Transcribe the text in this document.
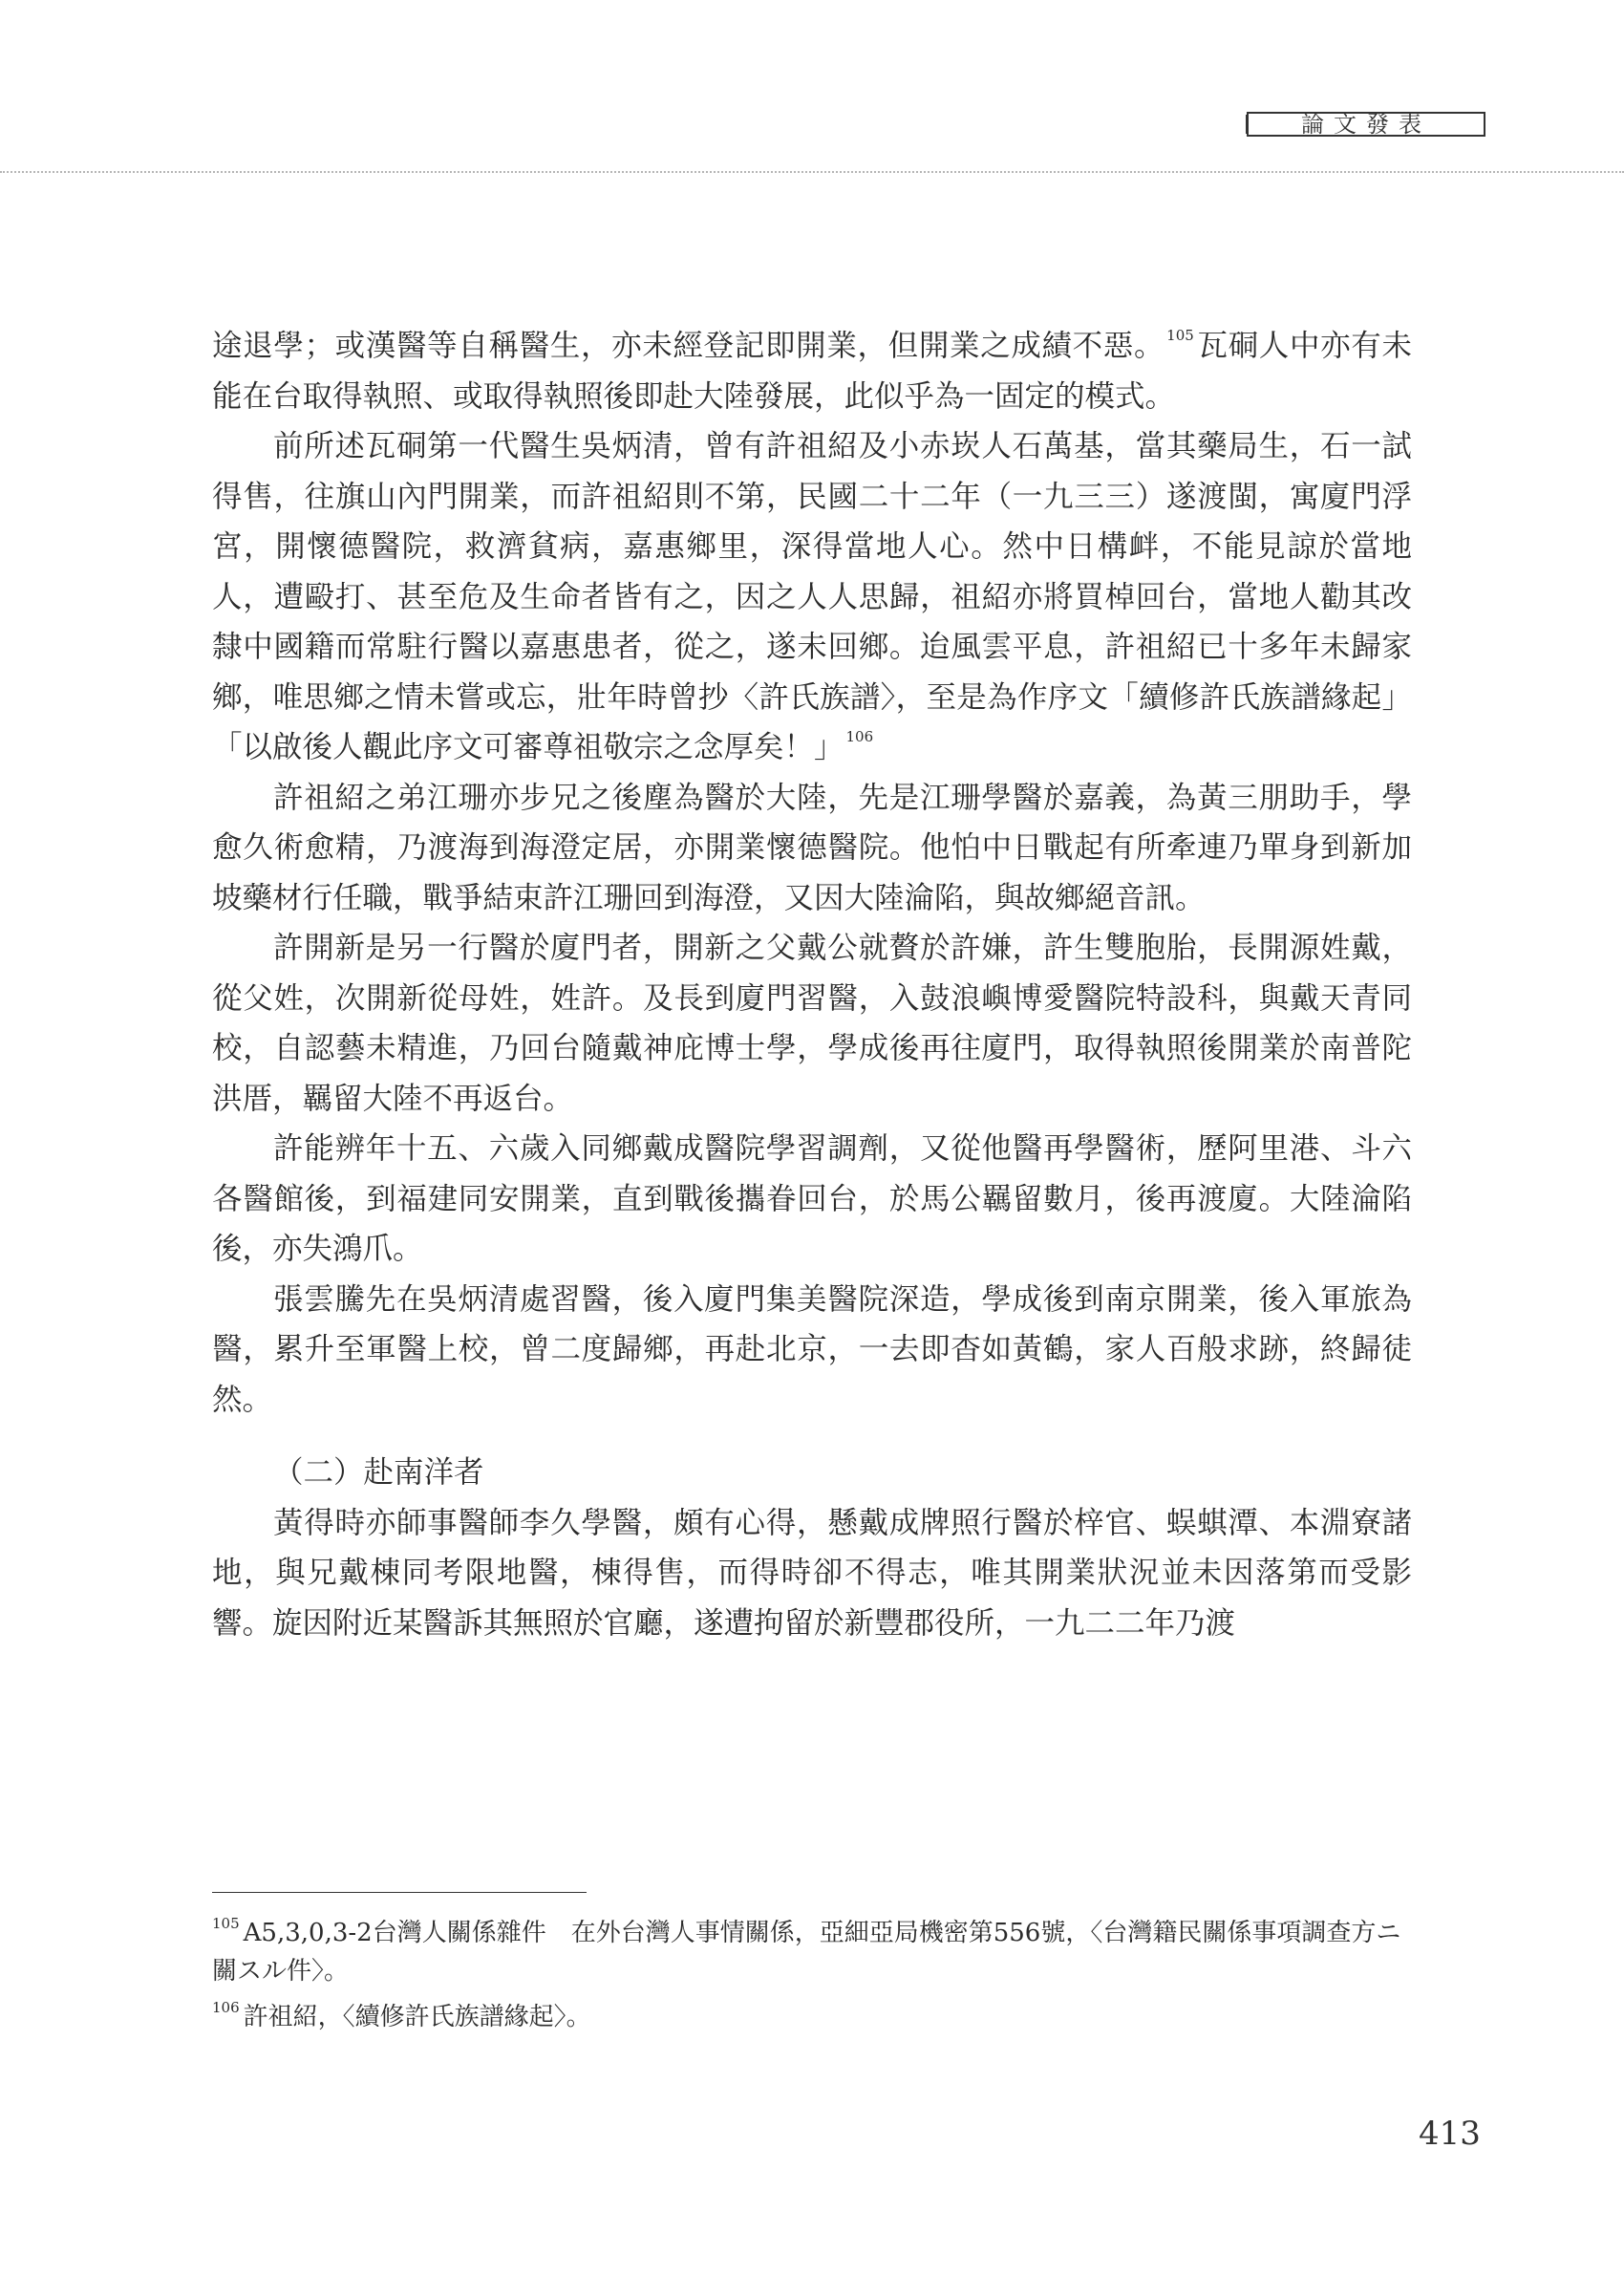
論文發表

途退學；或漢醫等自稱醫生，亦未經登記即開業，但開業之成績不惡。 $^{105}$瓦硐人中亦有未能在台取得執照、或取得執照後即赴大陸發展，此似乎為一固定的模式。

前所述瓦硐第一代醫生吳炳清，曾有許祖紹及小赤崁人石萬基，當其藥局生，石一試得售，往旗山內門開業，而許祖紹則不第，民國二十二年（一九三三）遂渡閩，寓廈門浮宮，開懷德醫院，救濟貧病，嘉惠鄉里，深得當地人心。然中日構衅，不能見諒於當地人，遭毆打、甚至危及生命者皆有之，因之人人思歸，祖紹亦將買棹回台，當地人勸其改隸中國籍而常駐行醫以嘉惠患者，從之，遂未回鄉。迨風雲平息，許祖紹已十多年未歸家鄉，唯思鄉之情未嘗或忘，壯年時曾抄〈許氏族譜〉，至是為作序文「續修許氏族譜緣起」「以啟後人觀此序文可審尊祖敬宗之念厚矣！」 $^{106}$

許祖紹之弟江珊亦步兄之後塵為醫於大陸，先是江珊學醫於嘉義，為黃三朋助手，學愈久術愈精，乃渡海到海澄定居，亦開業懷德醫院。他怕中日戰起有所牽連乃單身到新加坡藥材行任職，戰爭結束許江珊回到海澄，又因大陸淪陷，與故鄉絕音訊。

許開新是另一行醫於廈門者，開新之父戴公就贅於許嫌，許生雙胞胎，長開源姓戴，從父姓，次開新從母姓，姓許。及長到廈門習醫，入鼓浪嶼博愛醫院特設科，與戴天青同校，自認藝未精進，乃回台隨戴神庇博士學，學成後再往廈門，取得執照後開業於南普陀洪厝，羈留大陸不再返台。

許能辨年十五、六歲入同鄉戴成醫院學習調劑，又從他醫再學醫術，歷阿里港、斗六各醫館後，到福建同安開業，直到戰後攜眷回台，於馬公羈留數月，後再渡廈。大陸淪陷後，亦失鴻爪。

張雲騰先在吳炳清處習醫，後入廈門集美醫院深造，學成後到南京開業，後入軍旅為醫，累升至軍醫上校，曾二度歸鄉，再赴北京，一去即杳如黃鶴，家人百般求跡，終歸徒然。

（二）赴南洋者

黃得時亦師事醫師李久學醫，頗有心得，懸戴成牌照行醫於梓官、蜈蜞潭、本淵寮諸地，與兄戴棟同考限地醫，棟得售，而得時卻不得志，唯其開業狀況並未因落第而受影響。旋因附近某醫訴其無照於官廳，遂遭拘留於新豐郡役所，一九二二年乃渡

$^{105}$ A5,3,0,3-2台灣人關係雜件　在外台灣人事情關係，亞細亞局機密第556號，〈台灣籍民關係事項調查方ニ關スル件〉。

$^{106}$ 許祖紹，〈續修許氏族譜緣起〉。

413
